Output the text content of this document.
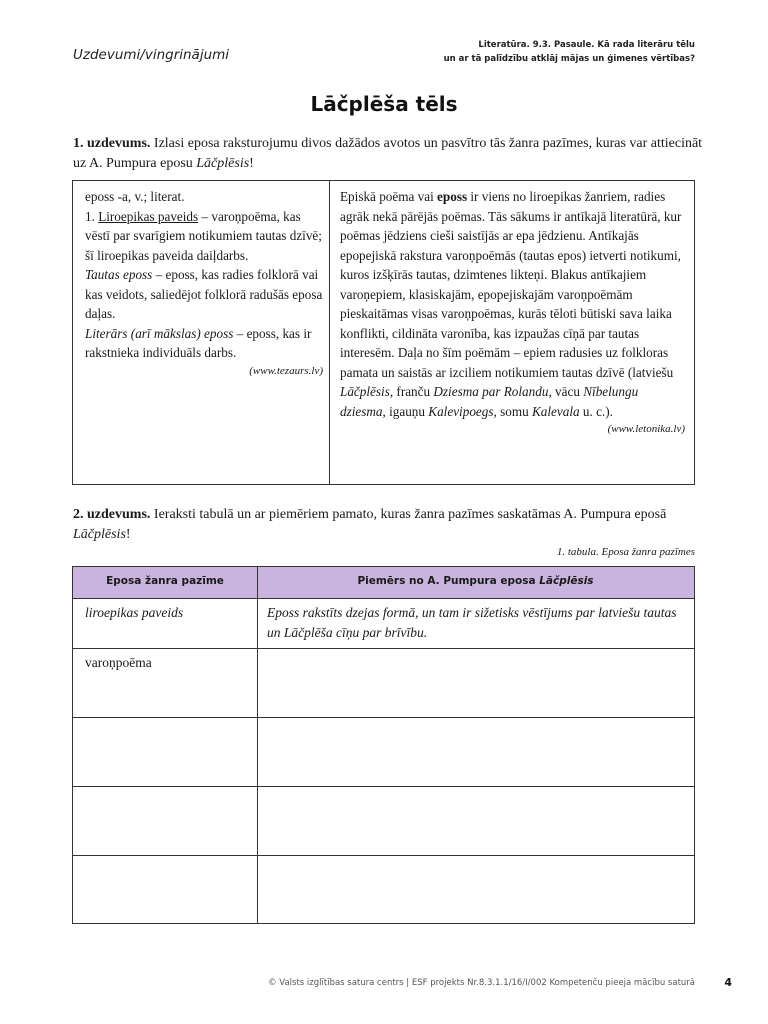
Uzdevumi/vingrinājumi
Literatūra. 9.3. Pasaule. Kā rada literāru tēlu
un ar tā palīdzību atklāj mājas un ģimenes vērtības?
Lāčplēša tēls
1. uzdevums. Izlasi eposa raksturojumu divos dažādos avotos un pasvītro tās žanra pazīmes, kuras var attiecināt uz A. Pumpura eposu Lāčplēsis!
eposs -a, v.; literat.
1. Liroepikas paveids – varoņpoēma, kas vēstī par svarīgiem notikumiem tautas dzīvē; šī liroepikas paveida daiļdarbs.
Tautas eposs – eposs, kas radies folklorā vai kas veidots, saliedējot folklorā radušās eposa daļas.
Literārs (arī mākslas) eposs – eposs, kas ir rakstnieka individuāls darbs.
(www.tezaurs.lv)
Episkā poēma vai eposs ir viens no liroepikas žanriem, radies agrāk nekā pārējās poēmas. Tās sākums ir antīkajā literatūrā, kur poēmas jēdziens cieši saistījās ar epa jēdzienu. Antīkajās epopejiskā rakstura varoņpoēmās (tautas epos) ietverti notikumi, kuros izšķīrās tautas, dzimtenes likteņi. Blakus antīkajiem varoņepiem, klasiskajām, epopejiskajām varoņpoēmām pieskaitāmas visas varoņpoēmas, kurās tēloti būtiski sava laika konflikti, cildināta varonība, kas izpaužas cīņā par tautas interesēm. Daļa no šīm poēmām – epiem radusies uz folkloras pamata un saistās ar izciliem notikumiem tautas dzīvē (latviešu Lāčplēsis, franču Dziesma par Rolandu, vācu Nībelungu dziesma, igauņu Kalevipoegs, somu Kalevala u. c.).
(www.letonika.lv)
2. uzdevums. Ieraksti tabulā un ar piemēriem pamato, kuras žanra pazīmes saskatāmas A. Pumpura eposā Lāčplēsis!
1. tabula. Eposa žanra pazīmes
Eposa žanra pazīme	Piemērs no A. Pumpura eposa Lāčplēsis
liroepikas paveids	Eposs rakstīts dzejas formā, un tam ir sižetisks vēstījums par latviešu tautas un Lāčplēša cīņu par brīvību.
varoņpoēma
© Valsts izglītības satura centrs | ESF projekts Nr.8.3.1.1/16/I/002 Kompetenču pieeja mācību saturā	4
